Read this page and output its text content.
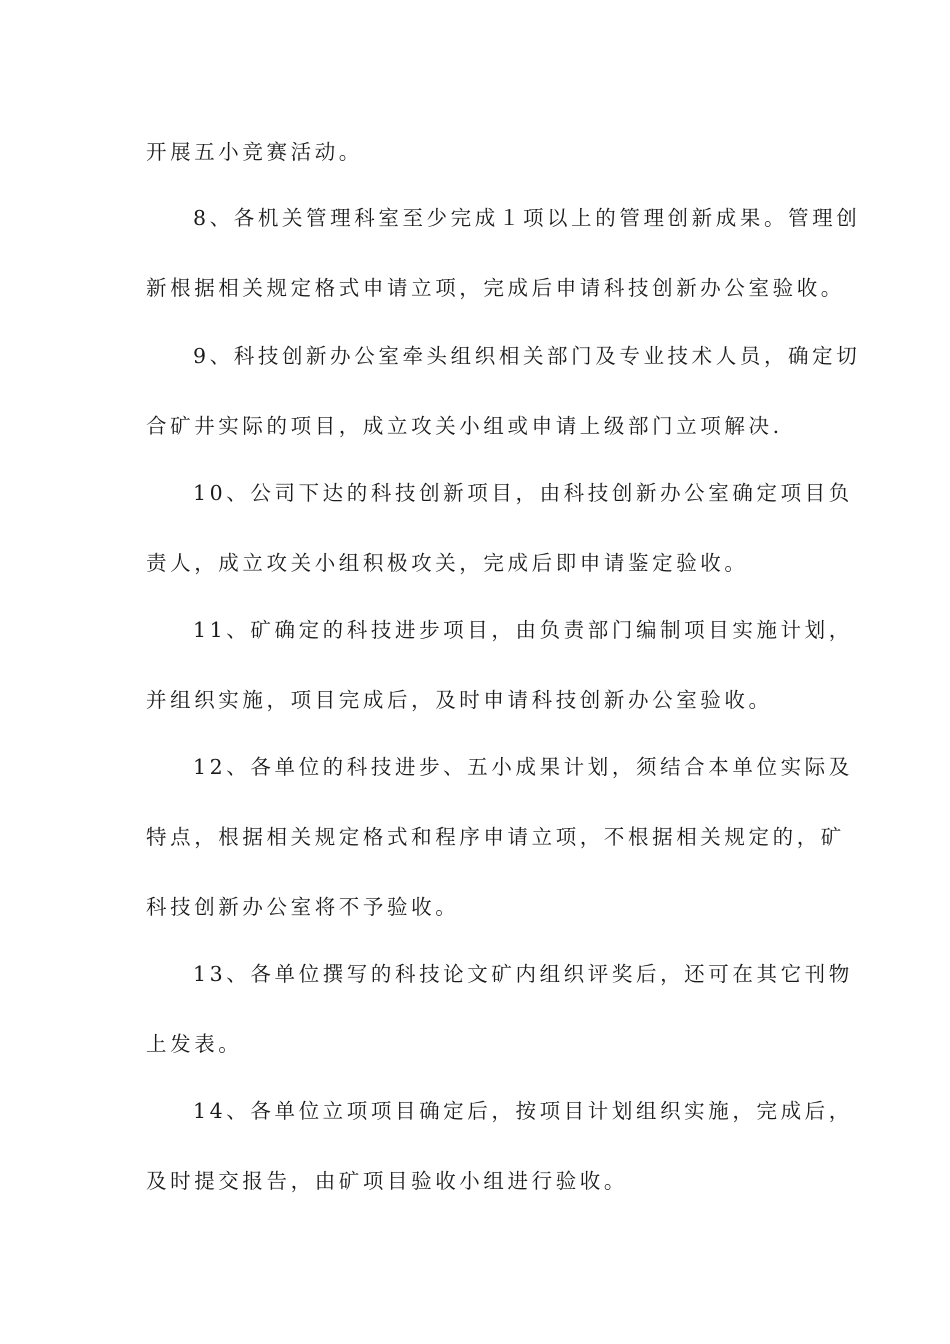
开展五小竞赛活动。
8、各机关管理科室至少完成１项以上的管理创新成果。管理创
新根据相关规定格式申请立项，完成后申请科技创新办公室验收。
9、科技创新办公室牵头组织相关部门及专业技术人员，确定切
合矿井实际的项目，成立攻关小组或申请上级部门立项解决.
10、公司下达的科技创新项目，由科技创新办公室确定项目负
责人，成立攻关小组积极攻关，完成后即申请鉴定验收。
11、矿确定的科技进步项目，由负责部门编制项目实施计划，
并组织实施，项目完成后，及时申请科技创新办公室验收。
12、各单位的科技进步、五小成果计划，须结合本单位实际及
特点，根据相关规定格式和程序申请立项，不根据相关规定的，矿
科技创新办公室将不予验收。
13、各单位撰写的科技论文矿内组织评奖后，还可在其它刊物
上发表。
14、各单位立项项目确定后，按项目计划组织实施，完成后，
及时提交报告，由矿项目验收小组进行验收。
